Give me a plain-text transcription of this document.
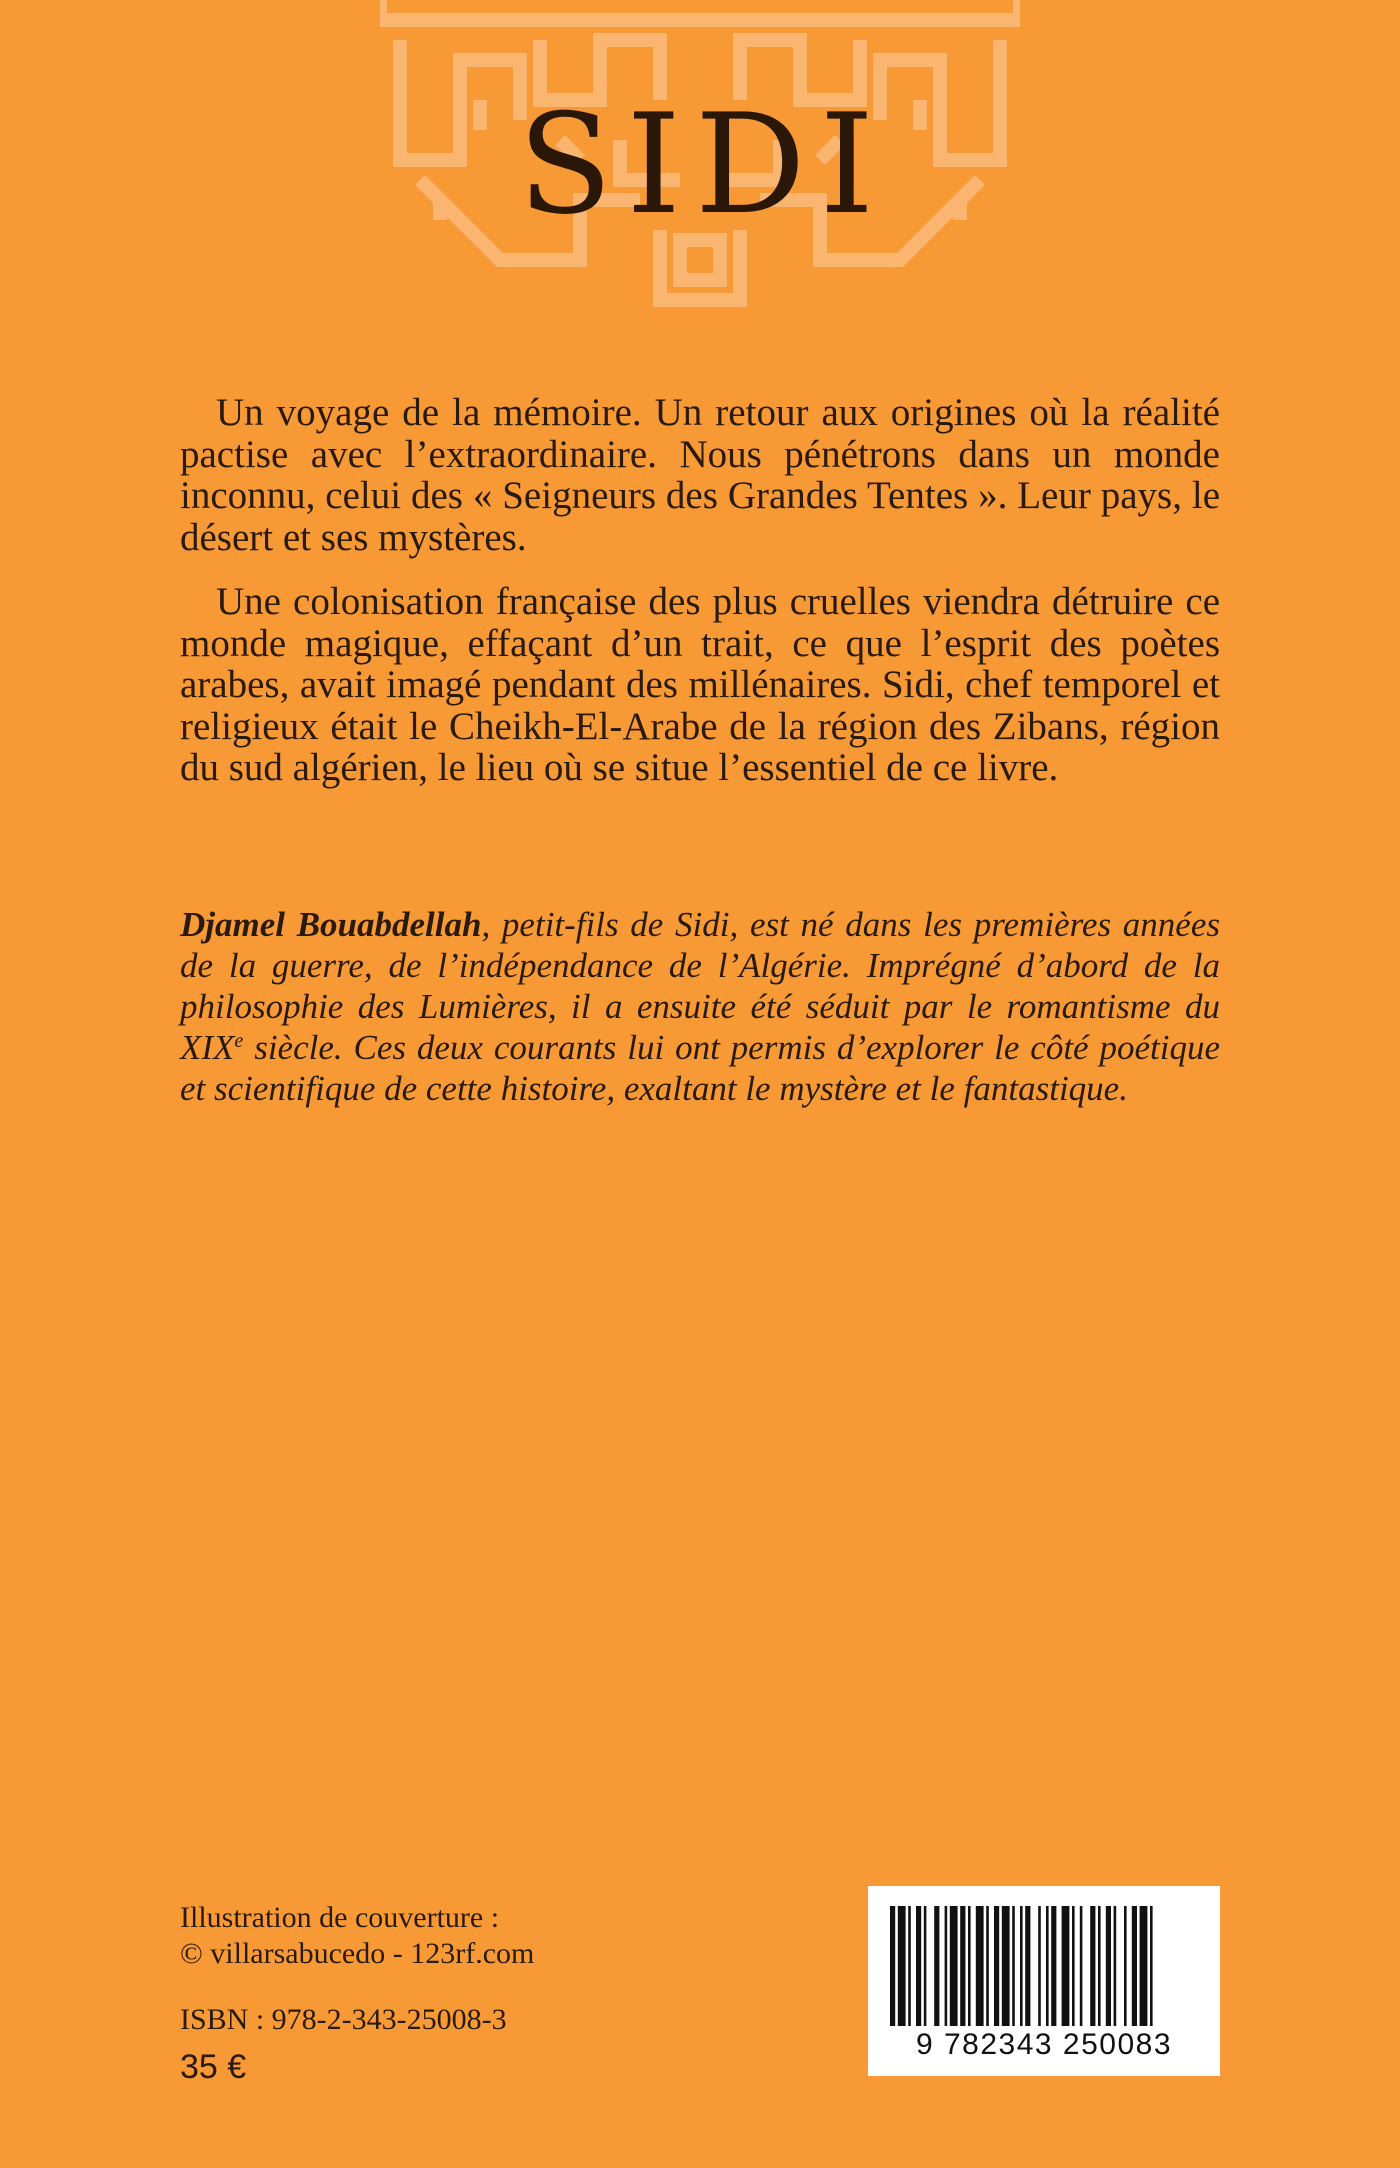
SIDI

Un voyage de la mémoire. Un retour aux origines où la réalité pactise avec l’extraordinaire. Nous pénétrons dans un monde inconnu, celui des « Seigneurs des Grandes Tentes ». Leur pays, le désert et ses mystères.

Une colonisation française des plus cruelles viendra détruire ce monde magique, effaçant d’un trait, ce que l’esprit des poètes arabes, avait imagé pendant des millénaires. Sidi, chef temporel et religieux était le Cheikh-El-Arabe de la région des Zibans, région du sud algérien, le lieu où se situe l’essentiel de ce livre.

Djamel Bouabdellah, petit-fils de Sidi, est né dans les premières années de la guerre, de l’indépendance de l’Algérie. Imprégné d’abord de la philosophie des Lumières, il a ensuite été séduit par le romantisme du XIXe siècle. Ces deux courants lui ont permis d’explorer le côté poétique et scientifique de cette histoire, exaltant le mystère et le fantastique.

Illustration de couverture :
© villarsabucedo - 123rf.com
ISBN : 978-2-343-25008-3
35 €
9 782343 250083
